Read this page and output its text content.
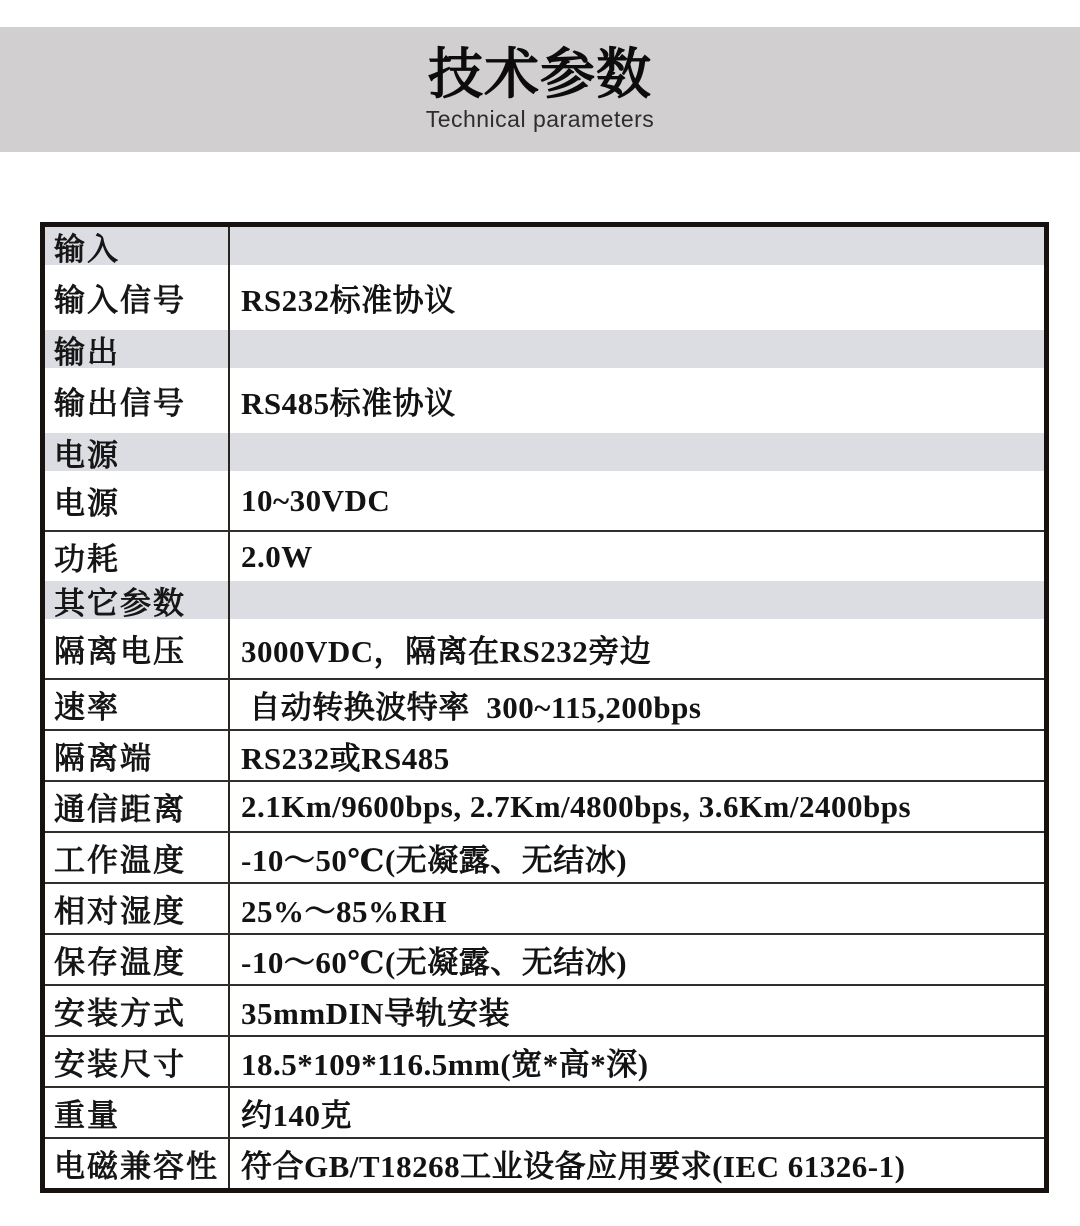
技术参数
Technical parameters
输入
输入信号	RS232标准协议
输出
输出信号	RS485标准协议
电源
电源	10~30VDC
功耗	2.0W
其它参数
隔离电压	3000VDC，隔离在RS232旁边
速率	自动转换波特率  300~115,200bps
隔离端	RS232或RS485
通信距离	2.1Km/9600bps, 2.7Km/4800bps, 3.6Km/2400bps
工作温度	-10～50℃(无凝露、无结冰)
相对湿度	25%～85%RH
保存温度	-10～60℃(无凝露、无结冰)
安装方式	35mmDIN导轨安装
安装尺寸	18.5*109*116.5mm(宽*高*深)
重量	约140克
电磁兼容性 符合GB/T18268工业设备应用要求(IEC 61326-1)
